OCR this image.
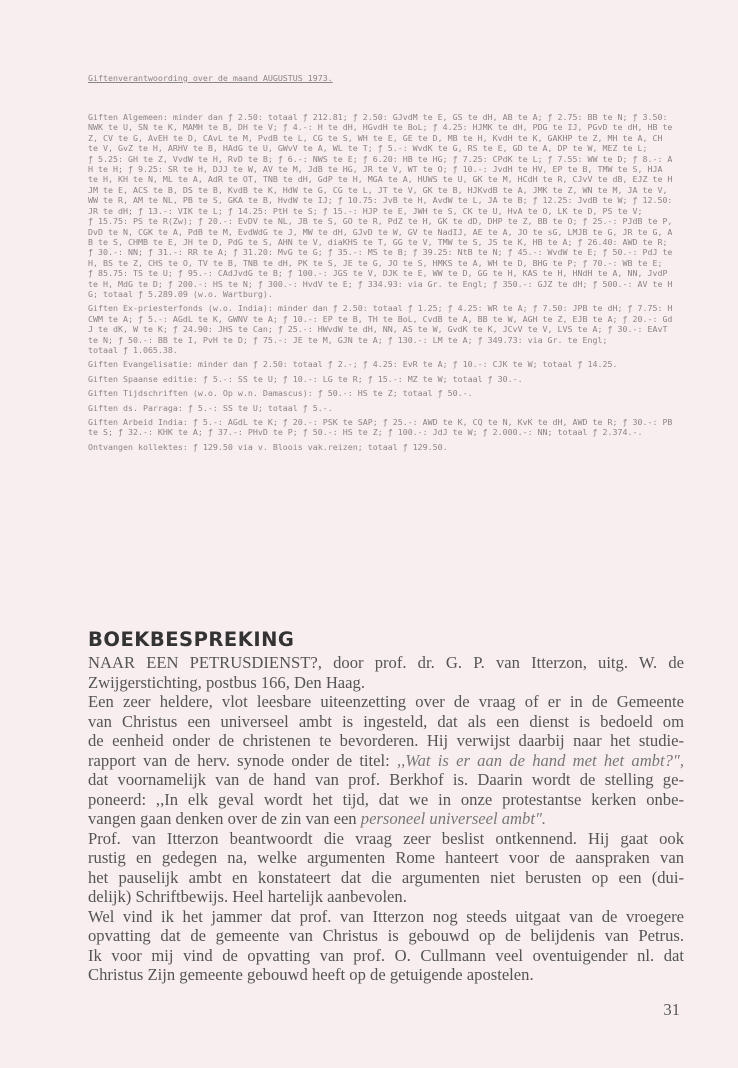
Giftenverantwoording over de maand AUGUSTUS 1973.

Giften Algemeen: minder dan ƒ 2.50: totaal ƒ 212.81; ƒ 2.50: GJvdM te E, GS te dH, AB te A; ƒ 2.75: BB te N; ƒ 3.50:
NWK te U, SN te K, MAMH te B, DH te V; ƒ 4.-: H te dH, HGvdH te BoL; ƒ 4.25: HJMK te dH, PDG te IJ, PGvD te dH, HB te
Z, CV te G, AvEH te D, CAvL te M, PvdB te L, CG te S, WH te E, GE te D, MB te H, KvdH te K, GAKHP te Z, MH te A, CH
te V, GvZ te H, ARHV te B, HAdG te U, GWvV te A, WL te T; ƒ 5.-: WvdK te G, RS te E, GD te A, DP te W, MEZ te L;
ƒ 5.25: GH te Z, VvdW te H, RvD te B; ƒ 6.-: NWS te E; ƒ 6.20: HB te HG; ƒ 7.25: CPdK te L; ƒ 7.55: WW te D; ƒ 8.-: A
H te H; ƒ 9.25: SR te H, DJJ te W, AV te M, JdB te HG, JR te V, WT te O; ƒ 10.-: JvdH te HV, EP te B, TMW te S, HJA
te H, KH te N, ML te A, AdR te OT, TNB te dH, GdP te H, MGA te A, HUWS te U, GK te M, HCdH te R, CJvV te dB, EJZ te H
JM te E, ACS te B, DS te B, KvdB te K, HdW te G, CG te L, JT te V, GK te B, HJKvdB te A, JMK te Z, WN te M, JA te V,
WW te R, AM te NL, PB te S, GKA te B, HvdW te IJ; ƒ 10.75: JvB te H, AvdW te L, JA te B; ƒ 12.25: JvdB te W; ƒ 12.50:
JR te dH; ƒ 13.-: VIK te L; ƒ 14.25: PtH te S; ƒ 15.-: HJP te E, JWH te S, CK te U, HvA te O, LK te D, PS te V;
ƒ 15.75: PS te R(Zw); ƒ 20.-: EvDV te NL, JB te S, GO te R, PdZ te H, GK te dD, DHP te Z, BB te O; ƒ 25.-: PJdB te P,
DvD te N, CGK te A, PdB te M, EvdWdG te J, MW te dH, GJvD te W, GV te NadIJ, AE te A, JO te sG, LMJB te G, JR te G, A
B te S, CHMB te E, JH te D, PdG te S, AHN te V, diaKHS te T, GG te V, TMW te S, JS te K, HB te A; ƒ 26.40: AWD te R;
ƒ 30.-: NN; ƒ 31.-: RR te A; ƒ 31.20: MvG te G; ƒ 35.-: MS te B; ƒ 39.25: NtB te N; ƒ 45.-: WvdW te E; ƒ 50.-: PdJ te
H, BS te Z, CHS te O, TV te B, TNB te dH, PK te S, JE te G, JO te S, HMKS te A, WH te D, BHG te P; ƒ 70.-: WB te E;
ƒ 85.75: TS te U; ƒ 95.-: CAdJvdG te B; ƒ 100.-: JGS te V, DJK te E, WW te D, GG te H, KAS te H, HNdH te A, NN, JvdP
te H, MdG te D; ƒ 200.-: HS te N; ƒ 300.-: HvdV te E; ƒ 334.93: via Gr. te Engl; ƒ 350.-: GJZ te dH; ƒ 500.-: AV te H
G; totaal ƒ 5.289.09 (w.o. Wartburg).
Giften Ex-priesterfonds (w.o. India): minder dan ƒ 2.50: totaal ƒ 1.25; ƒ 4.25: WR te A; ƒ 7.50: JPB te dH; ƒ 7.75: H
CWM te A; ƒ 5.-: AGdL te K, GWNV te A; ƒ 10.-: EP te B, TH te BoL, CvdB te A, BB te W, AGH te Z, EJB te A; ƒ 20.-: Gd
J te dK, W te K; ƒ 24.90: JHS te Can; ƒ 25.-: HWvdW te dH, NN, AS te W, GvdK te K, JCvV te V, LVS te A; ƒ 30.-: EAvT
te N; ƒ 50.-: BB te I, PvH te D; ƒ 75.-: JE te M, GJN te A; ƒ 130.-: LM te A; ƒ 349.73: via Gr. te Engl;
totaal ƒ 1.065.38.
Giften Evangelisatie: minder dan ƒ 2.50: totaal ƒ 2.-; ƒ 4.25: EvR te A; ƒ 10.-: CJK te W; totaal ƒ 14.25.
Giften Spaanse editie: ƒ 5.-: SS te U; ƒ 10.-: LG te R; ƒ 15.-: MZ te W; totaal ƒ 30.-.
Giften Tijdschriften (w.o. Op w.n. Damascus): ƒ 50.-: HS te Z; totaal ƒ 50.-.
Giften ds. Parraga: ƒ 5.-: SS te U; totaal ƒ 5.-.
Giften Arbeid India: ƒ 5.-: AGdL te K; ƒ 20.-: PSK te SAP; ƒ 25.-: AWD te K, CQ te N, KvK te dH, AWD te R; ƒ 30.-: PB
te S; ƒ 32.-: KHK te A; ƒ 37.-: PHvD te P; ƒ 50.-: HS te Z; ƒ 100.-: JdJ te W; ƒ 2.000.-: NN; totaal ƒ 2.374.-.
Ontvangen kollektes: ƒ 129.50 via v. Bloois vak.reizen; totaal ƒ 129.50.

BOEKBESPREKING
NAAR EEN PETRUSDIENST?, door prof. dr. G. P. van Itterzon, uitg. W. de
Zwijgerstichting, postbus 166, Den Haag.
Een zeer heldere, vlot leesbare uiteenzetting over de vraag of er in de Gemeente
van Christus een universeel ambt is ingesteld, dat als een dienst is bedoeld om
de eenheid onder de christenen te bevorderen. Hij verwijst daarbij naar het studie-
rapport van de herv. synode onder de titel: ,,Wat is er aan de hand met het ambt?",
dat voornamelijk van de hand van prof. Berkhof is. Daarin wordt de stelling ge-
poneerd: ,,In elk geval wordt het tijd, dat we in onze protestantse kerken onbe-
vangen gaan denken over de zin van een personeel universeel ambt".
Prof. van Itterzon beantwoordt die vraag zeer beslist ontkennend. Hij gaat ook
rustig en gedegen na, welke argumenten Rome hanteert voor de aanspraken van
het pauselijk ambt en konstateert dat die argumenten niet berusten op een (dui-
delijk) Schriftbewijs. Heel hartelijk aanbevolen.
Wel vind ik het jammer dat prof. van Itterzon nog steeds uitgaat van de vroegere
opvatting dat de gemeente van Christus is gebouwd op de belijdenis van Petrus.
Ik voor mij vind de opvatting van prof. O. Cullmann veel oventuigender nl. dat
Christus Zijn gemeente gebouwd heeft op de getuigende apostelen.
31
